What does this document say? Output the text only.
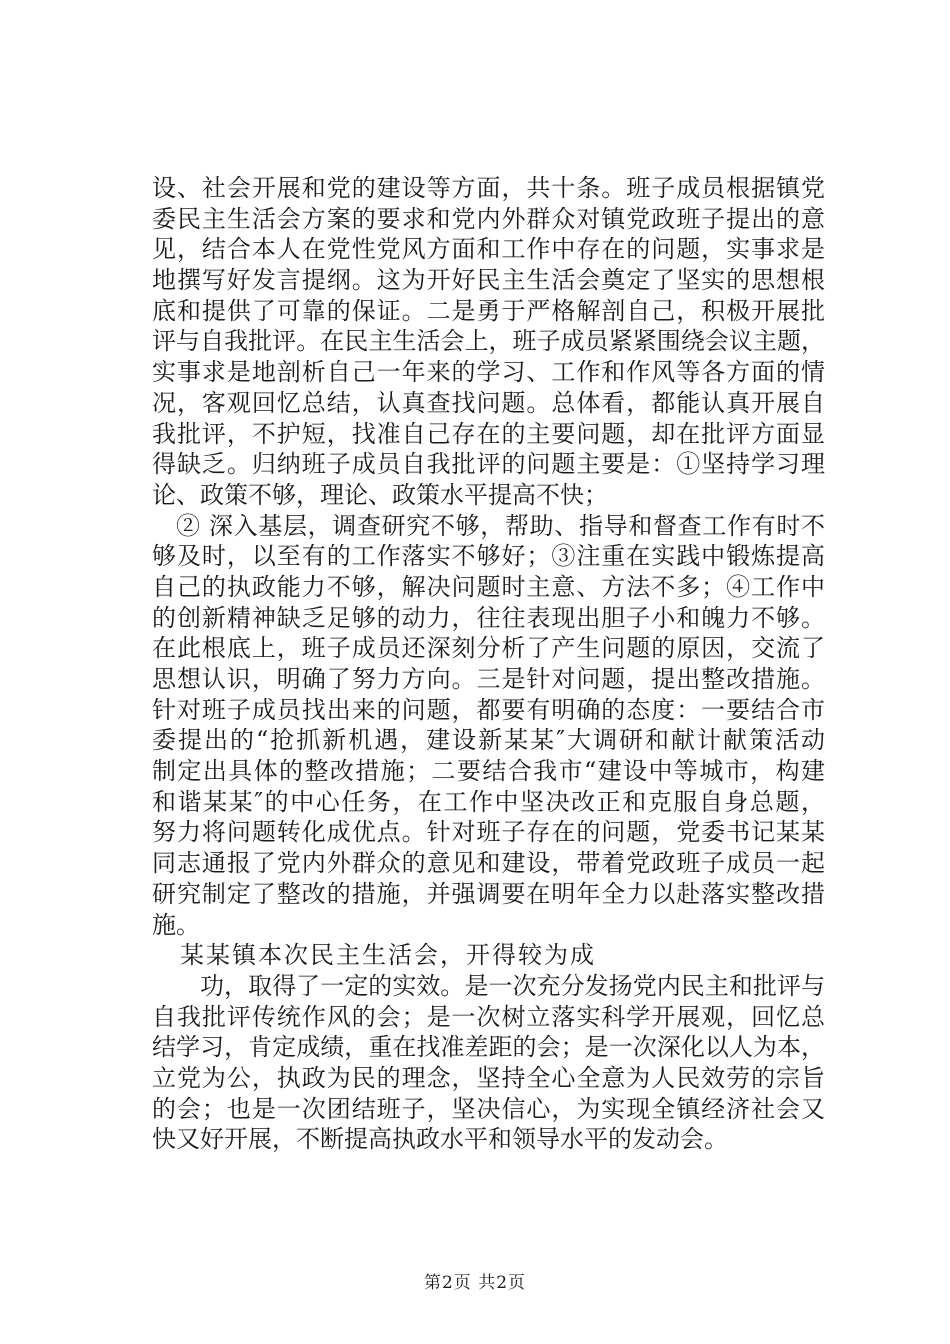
设、社会开展和党的建设等方面，共十条。班子成员根据镇党
委民主生活会方案的要求和党内外群众对镇党政班子提出的意
见，结合本人在党性党风方面和工作中存在的问题，实事求是
地撰写好发言提纲。这为开好民主生活会奠定了坚实的思想根
底和提供了可靠的保证。二是勇于严格解剖自己，积极开展批
评与自我批评。在民主生活会上，班子成员紧紧围绕会议主题，
实事求是地剖析自己一年来的学习、工作和作风等各方面的情
况，客观回忆总结，认真查找问题。总体看，都能认真开展自
我批评，不护短，找准自己存在的主要问题，却在批评方面显
得缺乏。归纳班子成员自我批评的问题主要是：①坚持学习理
论、政策不够，理论、政策水平提高不快；
② 深入基层，调查研究不够，帮助、指导和督查工作有时不
够及时，以至有的工作落实不够好；③注重在实践中锻炼提高
自己的执政能力不够，解决问题时主意、方法不多；④工作中
的创新精神缺乏足够的动力，往往表现出胆子小和魄力不够。
在此根底上，班子成员还深刻分析了产生问题的原因，交流了
思想认识，明确了努力方向。三是针对问题，提出整改措施。
针对班子成员找出来的问题，都要有明确的态度：一要结合市
委提出的“抢抓新机遇，建设新某某″大调研和献计献策活动
制定出具体的整改措施；二要结合我市“建设中等城市，构建
和谐某某″的中心任务，在工作中坚决改正和克服自身总题，
努力将问题转化成优点。针对班子存在的问题，党委书记某某
同志通报了党内外群众的意见和建设，带着党政班子成员一起
研究制定了整改的措施，并强调要在明年全力以赴落实整改措
施。
某某镇本次民主生活会，开得较为成
功，取得了一定的实效。是一次充分发扬党内民主和批评与
自我批评传统作风的会；是一次树立落实科学开展观，回忆总
结学习，肯定成绩，重在找准差距的会；是一次深化以人为本，
立党为公，执政为民的理念，坚持全心全意为人民效劳的宗旨
的会；也是一次团结班子，坚决信心，为实现全镇经济社会又
快又好开展，不断提高执政水平和领导水平的发动会。
第2页 共2页
